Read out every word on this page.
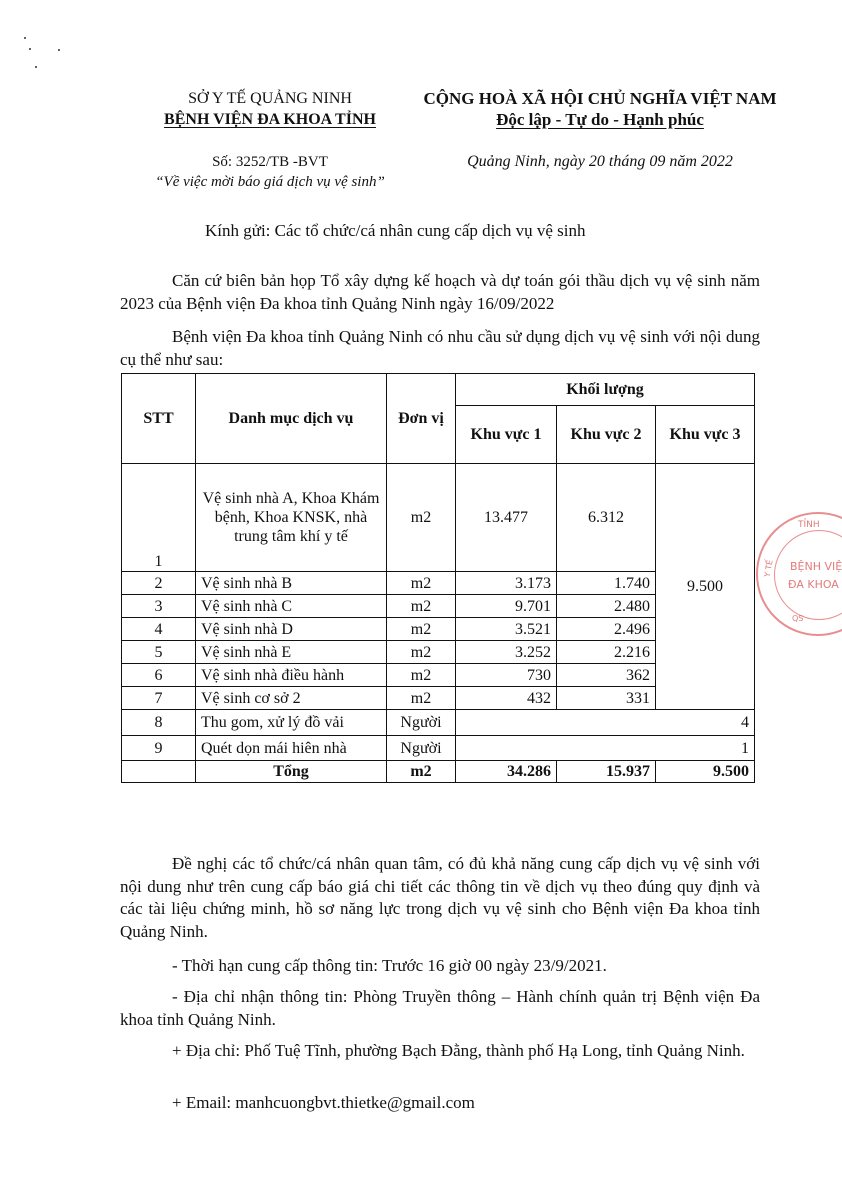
SỞ Y TẾ QUẢNG NINH
BỆNH VIỆN ĐA KHOA TỈNH
Số: 3252/TB -BVT
“Về việc mời báo giá dịch vụ vệ sinh”
CỘNG HOÀ XÃ HỘI CHỦ NGHĨA VIỆT NAM
Độc lập - Tự do - Hạnh phúc
Quảng Ninh, ngày 20 tháng 09 năm 2022
Kính gửi: Các tổ chức/cá nhân cung cấp dịch vụ vệ sinh
Căn cứ biên bản họp Tổ xây dựng kế hoạch và dự toán gói thầu dịch vụ vệ sinh năm 2023 của Bệnh viện Đa khoa tỉnh Quảng Ninh ngày 16/09/2022
Bệnh viện Đa khoa tỉnh Quảng Ninh có nhu cầu sử dụng dịch vụ vệ sinh với nội dung cụ thể như sau:
STT	Danh mục dịch vụ	Đơn vị	Khối lượng		
			Khu vực 1	Khu vực 2	Khu vực 3
1	Vệ sinh nhà A, Khoa Khám bệnh, Khoa KNSK, nhà trung tâm khí y tế	m2	13.477	6.312	9.500
2	Vệ sinh nhà B	m2	3.173	1.740	
3	Vệ sinh nhà C	m2	9.701	2.480	
4	Vệ sinh nhà D	m2	3.521	2.496	
5	Vệ sinh nhà E	m2	3.252	2.216	
6	Vệ sinh nhà điều hành	m2	730	362	
7	Vệ sinh cơ sở 2	m2	432	331	
8	Thu gom, xử lý đồ vải	Người	4		
9	Quét dọn mái hiên nhà	Người	1		
	Tổng	m2	34.286	15.937	9.500
TỈNH
BỆNH VIỆ
ĐA KHOA
Y TẾ
QS
Đề nghị các tổ chức/cá nhân quan tâm, có đủ khả năng cung cấp dịch vụ vệ sinh với nội dung như trên cung cấp báo giá chi tiết các thông tin về dịch vụ theo đúng quy định và các tài liệu chứng minh, hồ sơ năng lực trong dịch vụ vệ sinh cho Bệnh viện Đa khoa tỉnh Quảng Ninh.
- Thời hạn cung cấp thông tin: Trước 16 giờ 00 ngày 23/9/2021.
- Địa chỉ nhận thông tin: Phòng Truyền thông – Hành chính quản trị Bệnh viện Đa khoa tỉnh Quảng Ninh.
+ Địa chỉ: Phố Tuệ Tĩnh, phường Bạch Đằng, thành phố Hạ Long, tỉnh Quảng Ninh.
+ Email: manhcuongbvt.thietke@gmail.com
